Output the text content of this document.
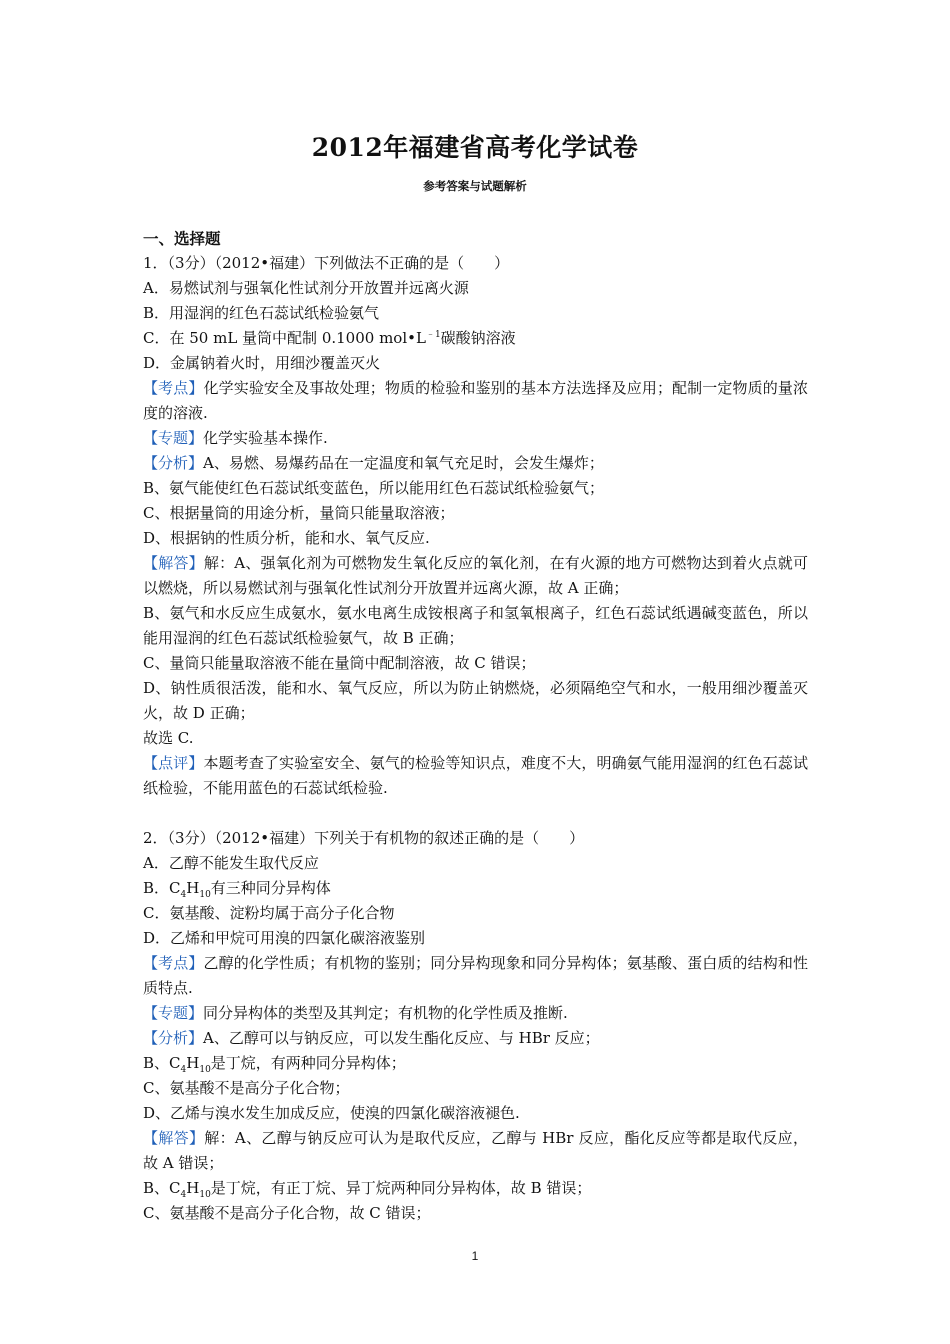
2012年福建省高考化学试卷
参考答案与试题解析
一、选择题
1．（3分）（2012•福建）下列做法不正确的是（　　）
A．易燃试剂与强氧化性试剂分开放置并远离火源
B．用湿润的红色石蕊试纸检验氨气
C．在 50 mL 量筒中配制 0.1000 $mol•L^{﹣1}$碳酸钠溶液
D．金属钠着火时，用细沙覆盖灭火
【考点】化学实验安全及事故处理；物质的检验和鉴别的基本方法选择及应用；配制一定物质的量浓度的溶液.
【专题】化学实验基本操作.
【分析】A、易燃、易爆药品在一定温度和氧气充足时，会发生爆炸；
B、氨气能使红色石蕊试纸变蓝色，所以能用红色石蕊试纸检验氨气；
C、根据量筒的用途分析，量筒只能量取溶液；
D、根据钠的性质分析，能和水、氧气反应.
【解答】解：A、强氧化剂为可燃物发生氧化反应的氧化剂，在有火源的地方可燃物达到着火点就可以燃烧，所以易燃试剂与强氧化性试剂分开放置并远离火源，故 A 正确；
B、氨气和水反应生成氨水，氨水电离生成铵根离子和氢氧根离子，红色石蕊试纸遇碱变蓝色，所以能用湿润的红色石蕊试纸检验氨气，故 B 正确；
C、量筒只能量取溶液不能在量筒中配制溶液，故 C 错误；
D、钠性质很活泼，能和水、氧气反应，所以为防止钠燃烧，必须隔绝空气和水，一般用细沙覆盖灭火，故 D 正确；
故选 C.
【点评】本题考查了实验室安全、氨气的检验等知识点，难度不大，明确氨气能用湿润的红色石蕊试纸检验，不能用蓝色的石蕊试纸检验.
2．（3分）（2012•福建）下列关于有机物的叙述正确的是（　　）
A．乙醇不能发生取代反应
B．$C_4H_{10}$有三种同分异构体
C．氨基酸、淀粉均属于高分子化合物
D．乙烯和甲烷可用溴的四氯化碳溶液鉴别
【考点】乙醇的化学性质；有机物的鉴别；同分异构现象和同分异构体；氨基酸、蛋白质的结构和性质特点.
【专题】同分异构体的类型及其判定；有机物的化学性质及推断.
【分析】A、乙醇可以与钠反应，可以发生酯化反应、与 HBr 反应；
B、$C_4H_{10}$是丁烷，有两种同分异构体；
C、氨基酸不是高分子化合物；
D、乙烯与溴水发生加成反应，使溴的四氯化碳溶液褪色.
【解答】解：A、乙醇与钠反应可认为是取代反应，乙醇与 HBr 反应，酯化反应等都是取代反应，故 A 错误；
B、$C_4H_{10}$是丁烷，有正丁烷、异丁烷两种同分异构体，故 B 错误；
C、氨基酸不是高分子化合物，故 C 错误；
1
